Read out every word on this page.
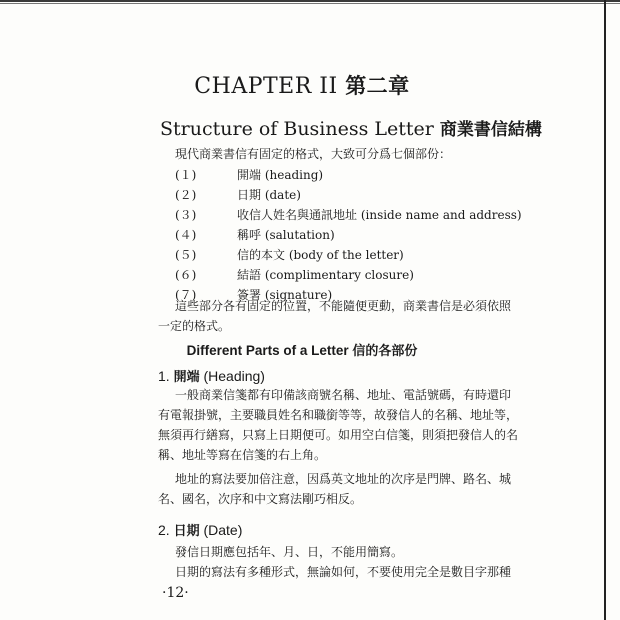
CHAPTER II 第二章
Structure of Business Letter 商業書信結構
現代商業書信有固定的格式，大致可分爲七個部份：
(１)	開端 (heading)
(２)	日期 (date)
(３)	收信人姓名與通訊地址 (inside name and address)
(４)	稱呼 (salutation)
(５)	信的本文 (body of the letter)
(６)	結語 (complimentary closure)
(７)	簽署 (signature)
這些部分各有固定的位置，不能隨便更動，商業書信是必須依照
一定的格式。
Different Parts of a Letter 信的各部份
1. 開端 (Heading)
一般商業信箋都有印備該商號名稱、地址、電話號碼，有時還印
有電報掛號，主要職員姓名和職銜等等，故發信人的名稱、地址等，
無須再行繕寫，只寫上日期便可。如用空白信箋，則須把發信人的名
稱、地址等寫在信箋的右上角。
地址的寫法要加倍注意，因爲英文地址的次序是門牌、路名、城
名、國名，次序和中文寫法剛巧相反。
2. 日期 (Date)
發信日期應包括年、月、日，不能用簡寫。
日期的寫法有多種形式，無論如何，不要使用完全是數目字那種
·12·
